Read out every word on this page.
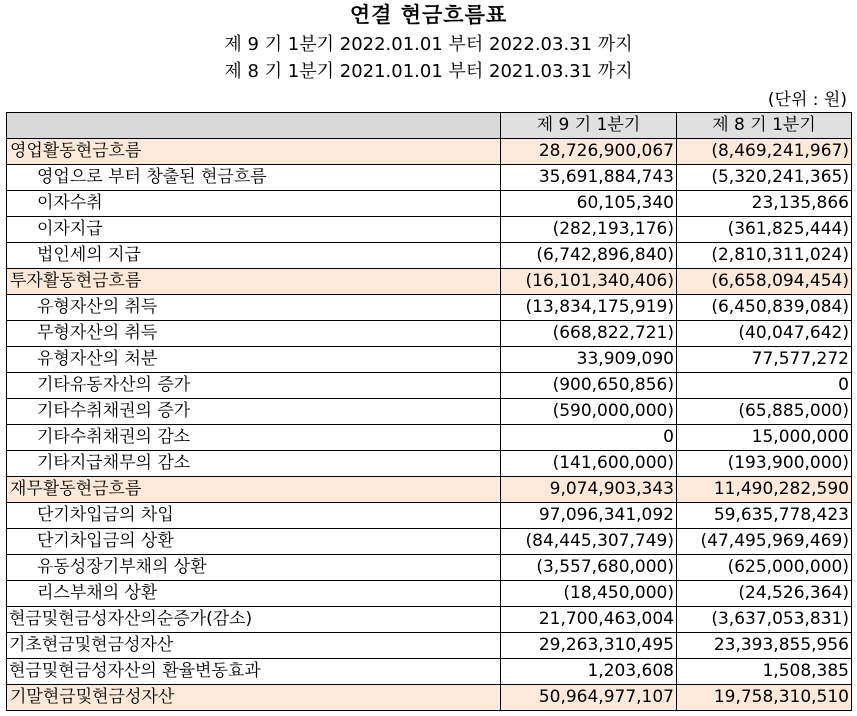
연결 현금흐름표
제 9 기 1분기 2022.01.01 부터 2022.03.31 까지
제 8 기 1분기 2021.01.01 부터 2021.03.31 까지
(단위 : 원)
	제 9 기 1분기	제 8 기 1분기
영업활동현금흐름	28,726,900,067	(8,469,241,967)
영업으로 부터 창출된 현금흐름	35,691,884,743	(5,320,241,365)
이자수취	60,105,340	23,135,866
이자지급	(282,193,176)	(361,825,444)
법인세의 지급	(6,742,896,840)	(2,810,311,024)
투자활동현금흐름	(16,101,340,406)	(6,658,094,454)
유형자산의 취득	(13,834,175,919)	(6,450,839,084)
무형자산의 취득	(668,822,721)	(40,047,642)
유형자산의 처분	33,909,090	77,577,272
기타유동자산의 증가	(900,650,856)	0
기타수취채권의 증가	(590,000,000)	(65,885,000)
기타수취채권의 감소	0	15,000,000
기타지급채무의 감소	(141,600,000)	(193,900,000)
재무활동현금흐름	9,074,903,343	11,490,282,590
단기차입금의 차입	97,096,341,092	59,635,778,423
단기차입금의 상환	(84,445,307,749)	(47,495,969,469)
유동성장기부채의 상환	(3,557,680,000)	(625,000,000)
리스부채의 상환	(18,450,000)	(24,526,364)
현금및현금성자산의순증가(감소)	21,700,463,004	(3,637,053,831)
기초현금및현금성자산	29,263,310,495	23,393,855,956
현금및현금성자산의 환율변동효과	1,203,608	1,508,385
기말현금및현금성자산	50,964,977,107	19,758,310,510
